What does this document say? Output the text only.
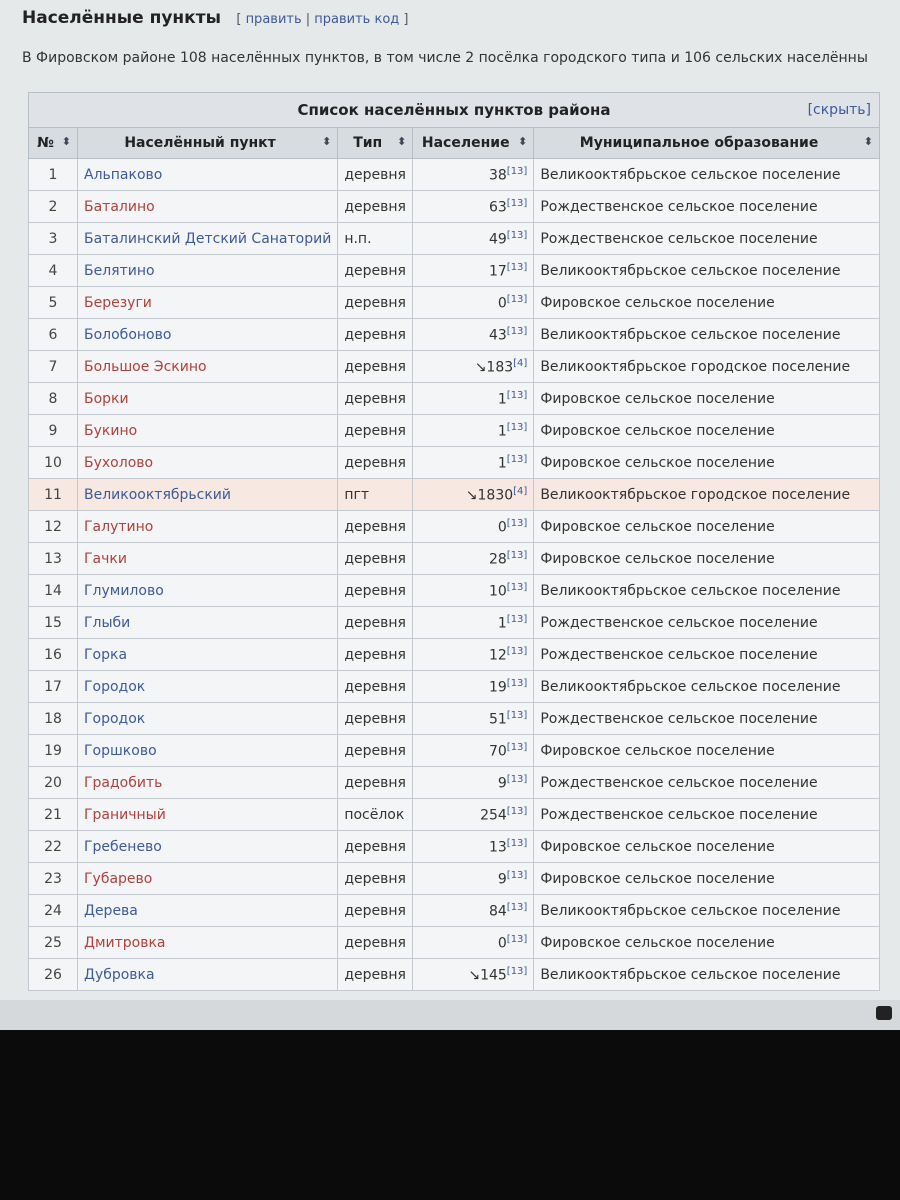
Населённые пункты [ править | править код ]
В Фировском районе 108 населённых пунктов, в том числе 2 посёлка городского типа и 106 сельских населённы
Список населённых пунктов района	[скрыть]
№ ⬍	Населённый пункт ⬍	Тип ⬍	Население ⬍	Муниципальное образование ⬍

1	Альпаково	деревня	38[13]	Великооктябрьское сельское поселение
2	Баталино	деревня	63[13]	Рождественское сельское поселение
3	Баталинский Детский Санаторий	н.п.	49[13]	Рождественское сельское поселение
4	Белятино	деревня	17[13]	Великооктябрьское сельское поселение
5	Березуги	деревня	0[13]	Фировское сельское поселение
6	Болобоново	деревня	43[13]	Великооктябрьское сельское поселение
7	Большое Эскино	деревня	↘183[4]	Великооктябрьское городское поселение
8	Борки	деревня	1[13]	Фировское сельское поселение
9	Букино	деревня	1[13]	Фировское сельское поселение
10	Бухолово	деревня	1[13]	Фировское сельское поселение
11	Великооктябрьский	пгт	↘1830[4]	Великооктябрьское городское поселение
12	Галутино	деревня	0[13]	Фировское сельское поселение
13	Гачки	деревня	28[13]	Фировское сельское поселение
14	Глумилово	деревня	10[13]	Великооктябрьское сельское поселение
15	Глыби	деревня	1[13]	Рождественское сельское поселение
16	Горка	деревня	12[13]	Рождественское сельское поселение
17	Городок	деревня	19[13]	Великооктябрьское сельское поселение
18	Городок	деревня	51[13]	Рождественское сельское поселение
19	Горшково	деревня	70[13]	Фировское сельское поселение
20	Градобить	деревня	9[13]	Рождественское сельское поселение
21	Граничный	посёлок	254[13]	Рождественское сельское поселение
22	Гребенево	деревня	13[13]	Фировское сельское поселение
23	Губарево	деревня	9[13]	Фировское сельское поселение
24	Дерева	деревня	84[13]	Великооктябрьское сельское поселение
25	Дмитровка	деревня	0[13]	Фировское сельское поселение
26	Дубровка	деревня	↘145[13]	Великооктябрьское сельское поселение
